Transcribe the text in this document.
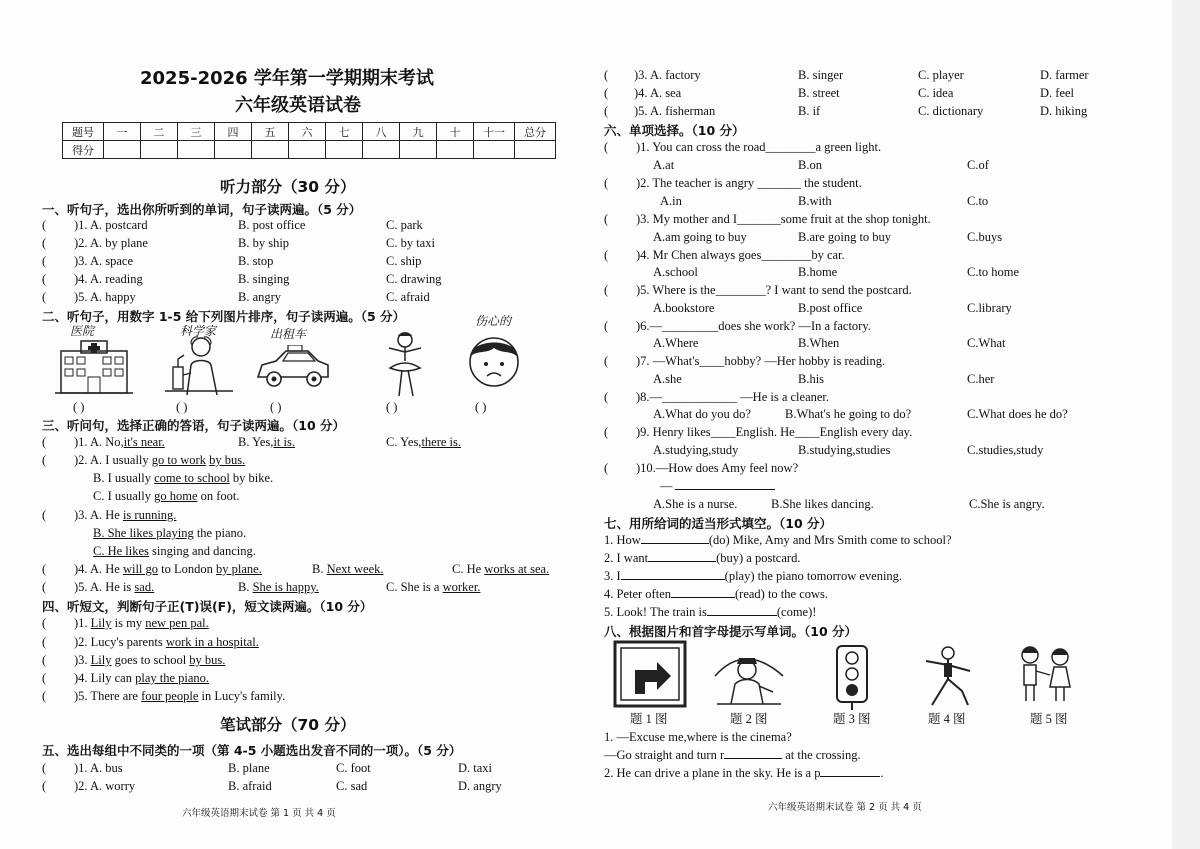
2025-2026 学年第一学期期末考试
六年级英语试卷
题号	一	二	三	四	五	六	七	八	九	十	十一	总分
得分												
听力部分（30 分）
一、听句子，选出你所听到的单词，句子读两遍。（5 分）
( )1. A. postcard	B. post office	C. park
( )2. A. by plane	B. by ship	C. by taxi
( )3. A. space	B. stop	C. ship
( )4. A. reading	B. singing	C. drawing
( )5. A. happy	B. angry	C. afraid
二、听句子，用数字 1-5 给下列图片排序，句子读两遍。（5 分）
医院	科学家	出租车
伤心的
( )	( )	( )	( )	( )
三、听问句，选择正确的答语，句子读两遍。（10 分）
( )1. A. No,it's near.	B. Yes,it is.	C. Yes,there is.
( )2. A. I usually go to work by bus.
B. I usually come to school by bike.
C. I usually go home on foot.
( )3. A. He is running.
B. She likes playing the piano.
C. He likes singing and dancing.
( )4. A. He will go to London by plane.	B. Next week.	C. He works at sea.
( )5. A. He is sad.	B. She is happy.	C. She is a worker.
四、听短文，判断句子正(T)误(F)，短文读两遍。（10 分）
( )1. Lily is my new pen pal.
( )2. Lucy's parents work in a hospital.
( )3. Lily goes to school by bus.
( )4. Lily can play the piano.
( )5. There are four people in Lucy's family.
笔试部分（70 分）
五、选出每组中不同类的一项（第 4-5 小题选出发音不同的一项）。（5 分）
( )1. A. bus	B. plane	C. foot	D. taxi
( )2. A. worry	B. afraid	C. sad	D. angry
六年级英语期末试卷 第 1 页 共 4 页
( )3. A. factory	B. singer	C. player	D. farmer
( )4. A. sea	B. street	C. idea	D. feel
( )5. A. fisherman	B. if	C. dictionary	D. hiking
六、单项选择。（10 分）
( )1. You can cross the road________a green light.
A.at	B.on	C.of
( )2. The teacher is angry _______ the student.
A.in	B.with	C.to
( )3. My mother and I_______some fruit at the shop tonight.
A.am going to buy	B.are going to buy	C.buys
( )4. Mr Chen always goes________by car.
A.school	B.home	C.to home
( )5. Where is the________? I want to send the postcard.
A.bookstore	B.post office	C.library
( )6.—_________does she work? —In a factory.
A.Where	B.When	C.What
( )7. —What's____hobby? —Her hobby is reading.
A.she	B.his	C.her
( )8.—____________ —He is a cleaner.
A.What do you do?	B.What's he going to do?	C.What does he do?
( )9. Henry likes____English. He____English every day.
A.studying,study	B.studying,studies	C.studies,study
( )10.—How does Amy feel now?
—
A.She is a nurse.	B.She likes dancing.	C.She is angry.
七、用所给词的适当形式填空。（10 分）
1. How	(do) Mike, Amy and Mrs Smith come to school?
2. I want	(buy) a postcard.
3. I	(play) the piano tomorrow evening.
4. Peter often	(read) to the cows.
5. Look! The train is	(come)!
八、根据图片和首字母提示写单词。（10 分）
题 1 图	题 2 图	题 3 图	题 4 图	题 5 图
1. —Excuse me,where is the cinema?
—Go straight and turn r	at the crossing.
2. He can drive a plane in the sky. He is a p	.
六年级英语期末试卷 第 2 页 共 4 页
